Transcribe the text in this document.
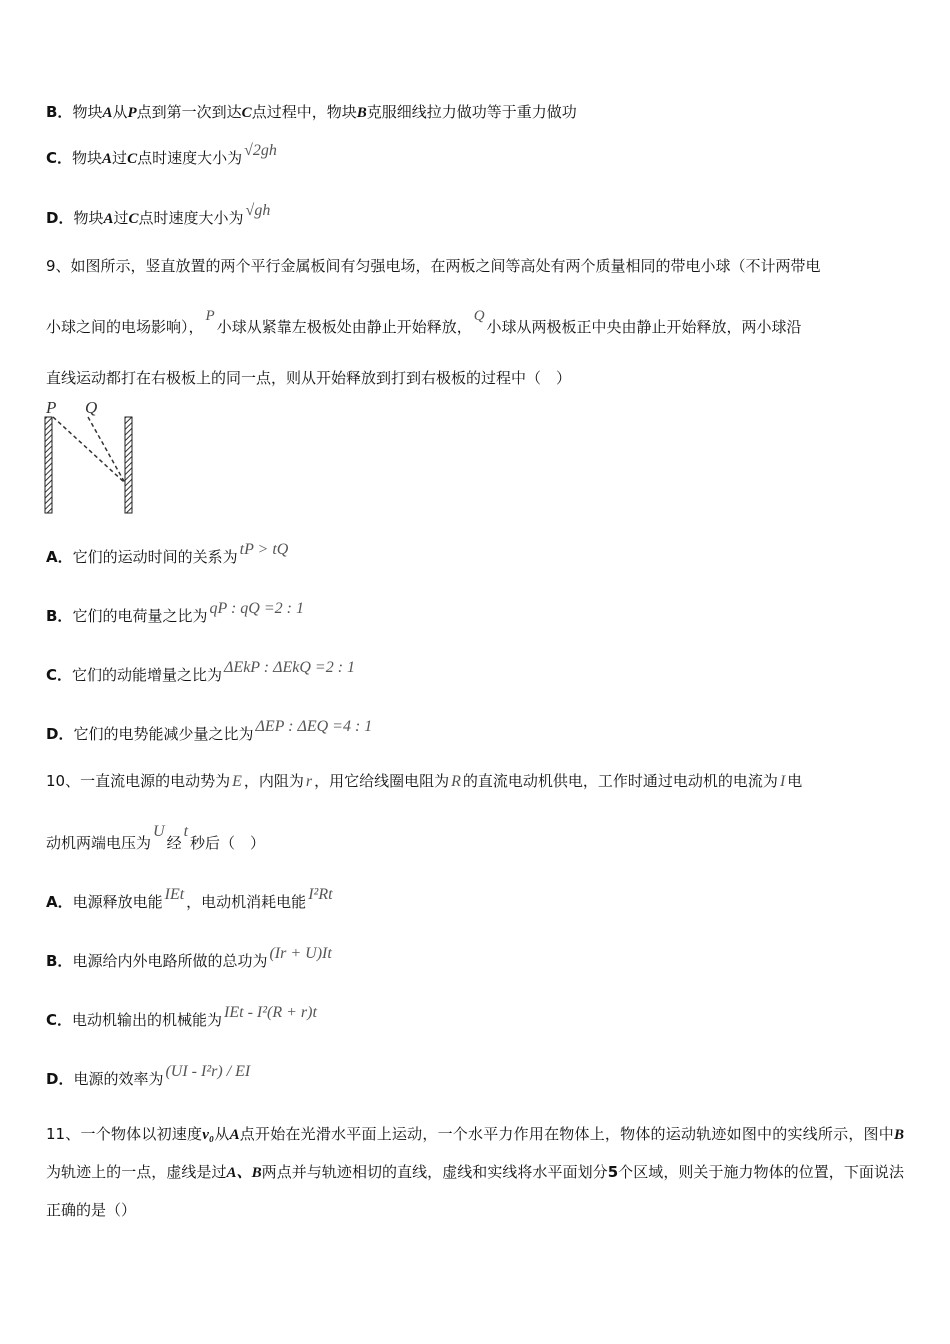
B．物块A从P点到第一次到达C点过程中，物块B克服细线拉力做功等于重力做功
C．物块A过C点时速度大小为 √2gh
D．物块A过C点时速度大小为 √gh
9、如图所示，竖直放置的两个平行金属板间有匀强电场，在两板之间等高处有两个质量相同的带电小球（不计两带电
小球之间的电场影响），P小球从紧靠左极板处由静止开始释放，Q小球从两极板正中央由静止开始释放，两小球沿
直线运动都打在右极板上的同一点，则从开始释放到打到右极板的过程中（　）
P Q
A．它们的运动时间的关系为 tP > tQ
B．它们的电荷量之比为 qP : qQ =2 : 1
C．它们的动能增量之比为 ΔEkP : ΔEkQ =2 : 1
D．它们的电势能减少量之比为 ΔEP : ΔEQ =4 : 1
10、一直流电源的电动势为 E ，内阻为 r ，用它给线圈电阻为 R 的直流电动机供电，工作时通过电动机的电流为 I 电
动机两端电压为U经t秒后（　）
A．电源释放电能 IEt ，电动机消耗电能 I²Rt
B．电源给内外电路所做的总功为 (Ir + U)It
C．电动机输出的机械能为 IEt - I²(R + r)t
D．电源的效率为 (UI - I²r) / EI
11、一个物体以初速度v₀从A点开始在光滑水平面上运动，一个水平力作用在物体上，物体的运动轨迹如图中的实线所示，图中B为轨迹上的一点，虚线是过A、B两点并与轨迹相切的直线，虚线和实线将水平面划分5个区域，则关于施力物体的位置，下面说法正确的是（）
